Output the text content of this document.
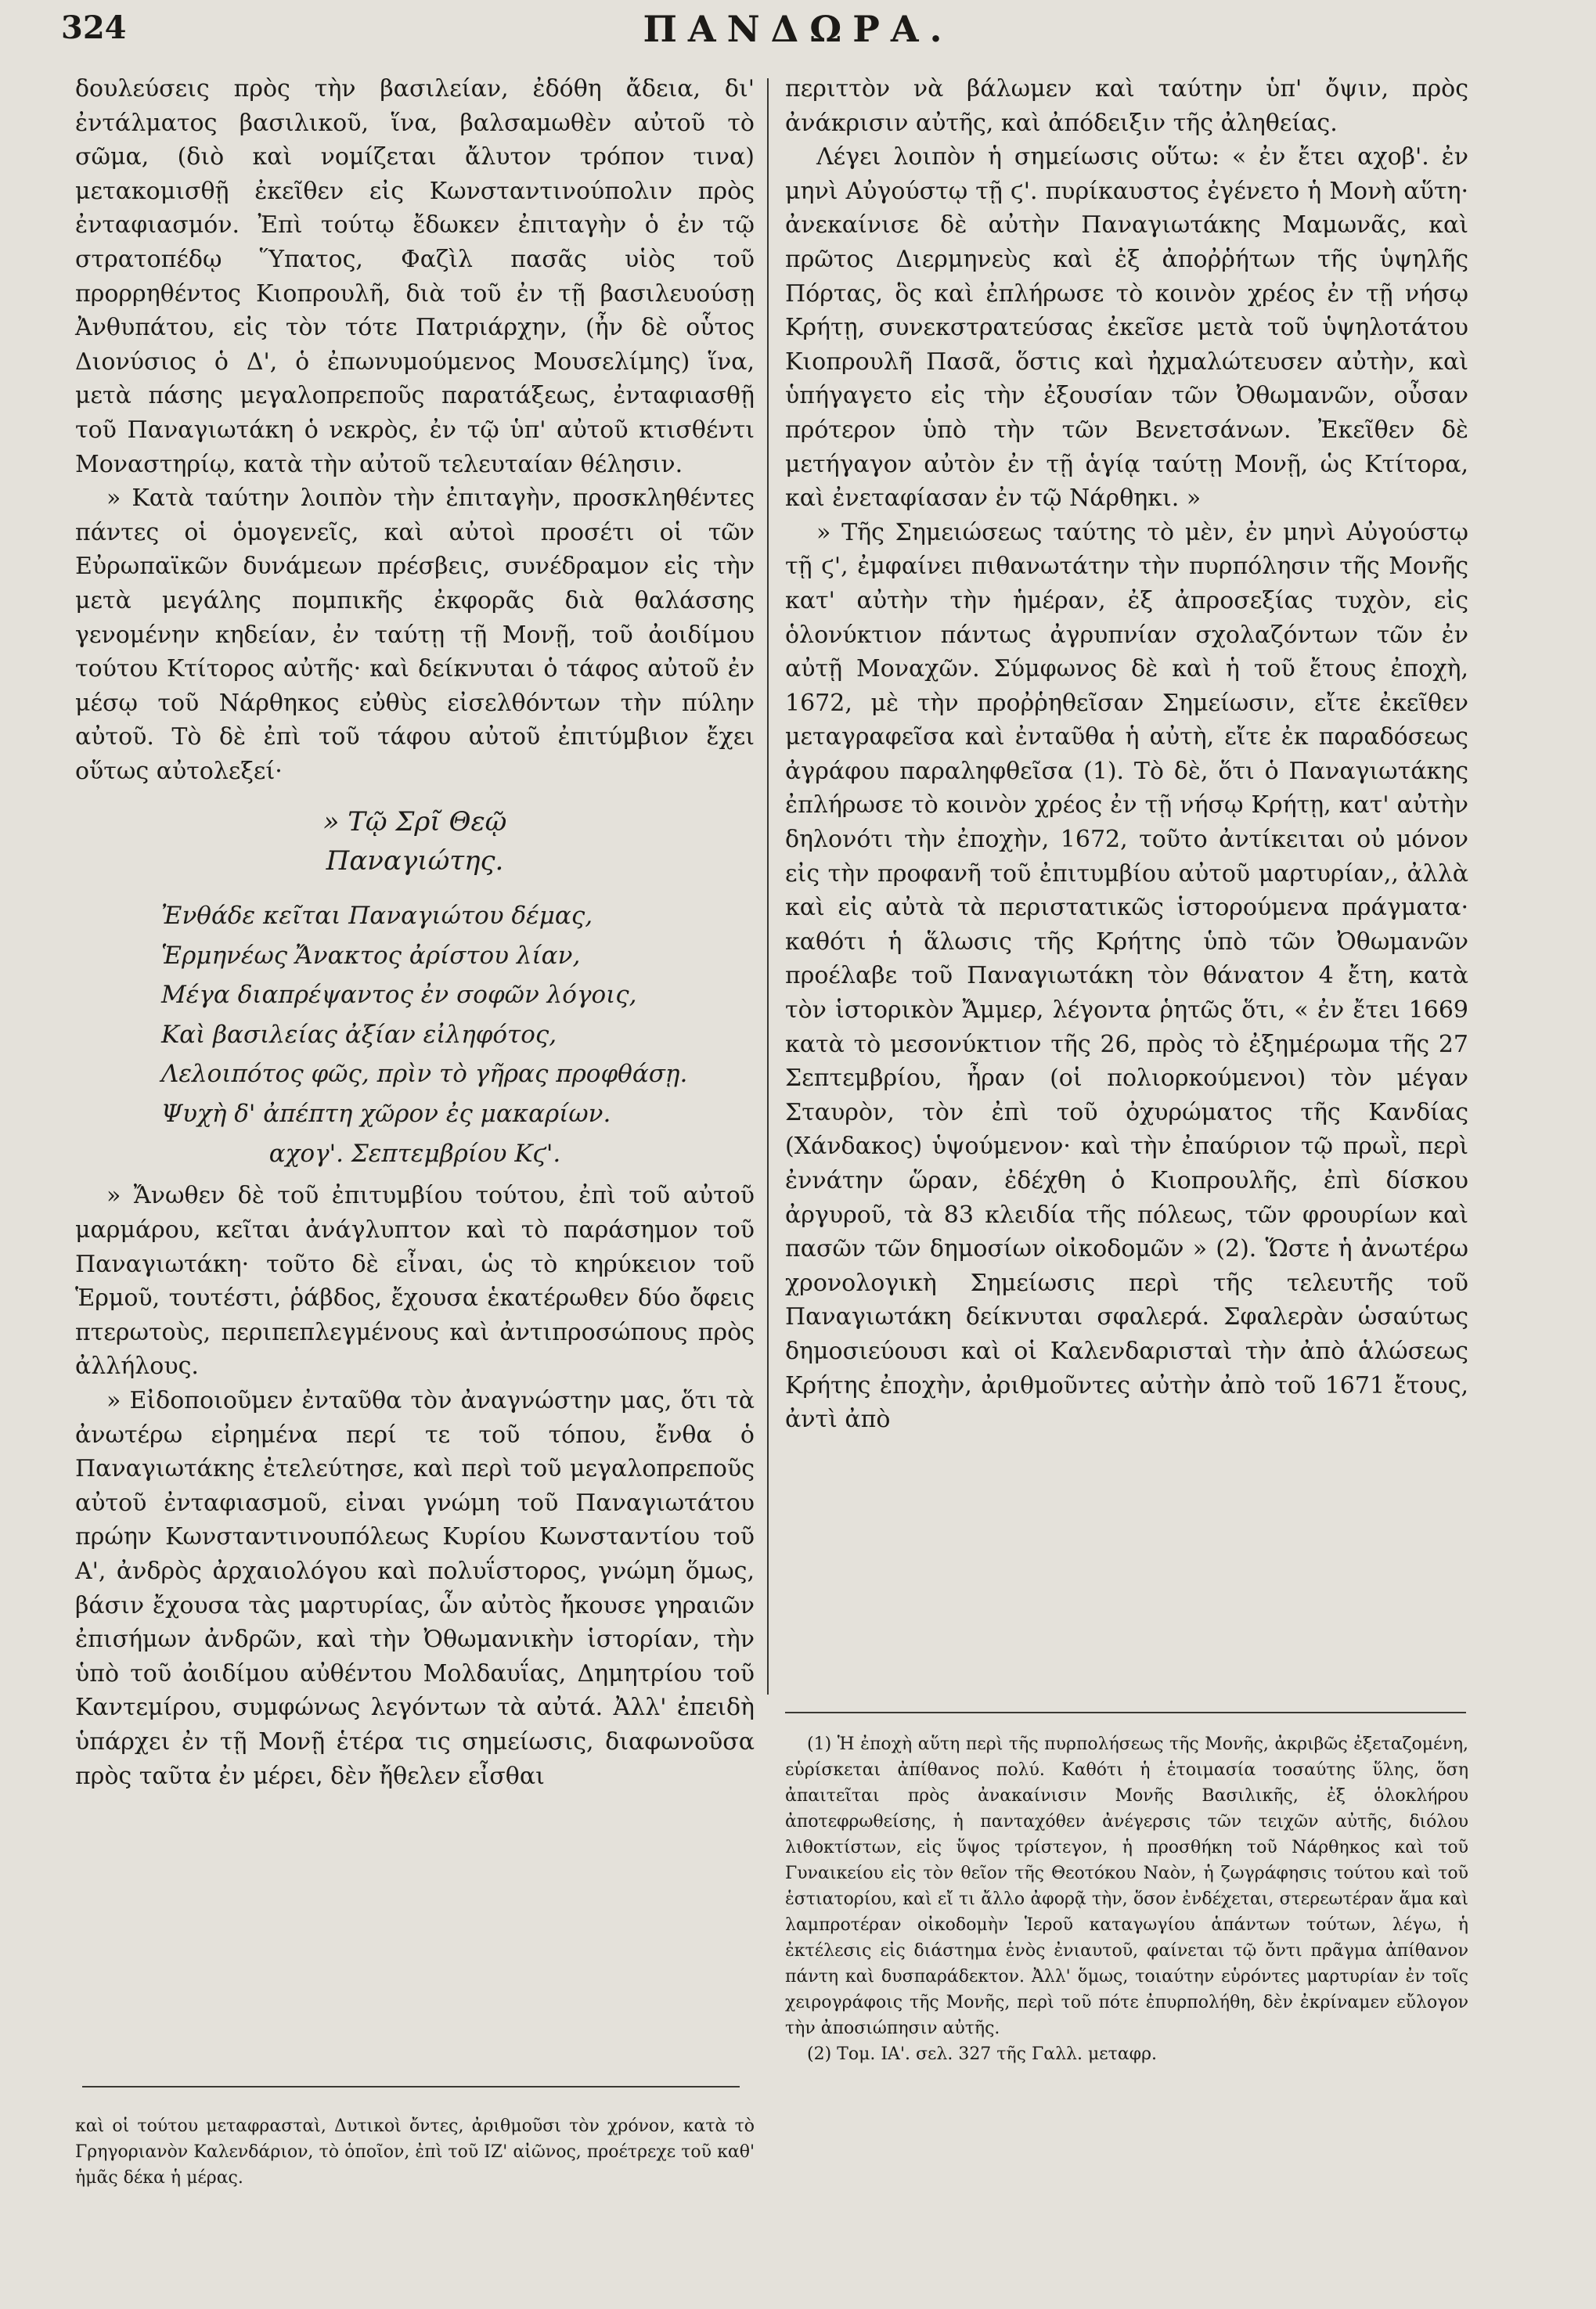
324	ΠΑΝΔΩΡΑ.

δουλεύσεις πρὸς τὴν βασιλείαν, ἐδόθη ἄδεια, δι' ἐντάλματος βασιλικοῦ, ἵνα, βαλσαμωθὲν αὐτοῦ τὸ σῶμα, (διὸ καὶ νομίζεται ἄλυτον τρόπον τινα) μετακομισθῇ ἐκεῖθεν εἰς Κωνσταντινούπολιν πρὸς ἐνταφιασμόν. Ἐπὶ τούτῳ ἔδωκεν ἐπιταγὴν ὁ ἐν τῷ στρατοπέδῳ Ὕπατος, Φαζὶλ πασᾶς υἱὸς τοῦ προρρηθέντος Κιοπρουλῆ, διὰ τοῦ ἐν τῇ βασιλευούσῃ Ἀνθυπάτου, εἰς τὸν τότε Πατριάρχην, (ἦν δὲ οὗτος Διονύσιος ὁ Δ', ὁ ἐπωνυμούμενος Μουσελίμης) ἵνα, μετὰ πάσης μεγαλοπρεποῦς παρατάξεως, ἐνταφιασθῇ τοῦ Παναγιωτάκη ὁ νεκρὸς, ἐν τῷ ὑπ' αὐτοῦ κτισθέντι Μοναστηρίῳ, κατὰ τὴν αὐτοῦ τελευταίαν θέλησιν.

» Κατὰ ταύτην λοιπὸν τὴν ἐπιταγὴν, προσκληθέντες πάντες οἱ ὁμογενεῖς, καὶ αὐτοὶ προσέτι οἱ τῶν Εὐρωπαϊκῶν δυνάμεων πρέσβεις, συνέδραμον εἰς τὴν μετὰ μεγάλης πομπικῆς ἐκφορᾶς διὰ θαλάσσης γενομένην κηδείαν, ἐν ταύτῃ τῇ Μονῇ, τοῦ ἀοιδίμου τούτου Κτίτορος αὐτῆς· καὶ δείκνυται ὁ τάφος αὐτοῦ ἐν μέσῳ τοῦ Νάρθηκος εὐθὺς εἰσελθόντων τὴν πύλην αὐτοῦ. Τὸ δὲ ἐπὶ τοῦ τάφου αὐτοῦ ἐπιτύμβιον ἔχει οὕτως αὐτολεξεί·

» Τῷ Σρῖ Θεῷ
Παναγιώτης.
Ἐνθάδε κεῖται Παναγιώτου δέμας,
Ἑρμηνέως Ἄνακτος ἀρίστου λίαν,
Μέγα διαπρέψαντος ἐν σοφῶν λόγοις,
Καὶ βασιλείας ἀξίαν εἰληφότος,
Λελοιπότος φῶς, πρὶν τὸ γῆρας προφθάσῃ.
Ψυχὴ δ' ἀπέπτη χῶρον ἐς μακαρίων.
αχογ'. Σεπτεμβρίου Κϛ'.

» Ἄνωθεν δὲ τοῦ ἐπιτυμβίου τούτου, ἐπὶ τοῦ αὐτοῦ μαρμάρου, κεῖται ἀνάγλυπτον καὶ τὸ παράσημον τοῦ Παναγιωτάκη· τοῦτο δὲ εἶναι, ὡς τὸ κηρύκειον τοῦ Ἑρμοῦ, τουτέστι, ῥάβδος, ἔχουσα ἑκατέρωθεν δύο ὄφεις πτερωτοὺς, περιπεπλεγμένους καὶ ἀντιπροσώπους πρὸς ἀλλήλους.

» Εἰδοποιοῦμεν ἐνταῦθα τὸν ἀναγνώστην μας, ὅτι τὰ ἀνωτέρω εἰρημένα περί τε τοῦ τόπου, ἔνθα ὁ Παναγιωτάκης ἐτελεύτησε, καὶ περὶ τοῦ μεγαλοπρεποῦς αὐτοῦ ἐνταφιασμοῦ, εἰναι γνώμη τοῦ Παναγιωτάτου πρώην Κωνσταντινουπόλεως Κυρίου Κωνσταντίου τοῦ Α', ἀνδρὸς ἀρχαιολόγου καὶ πολυΐστορος, γνώμη ὅμως, βάσιν ἔχουσα τὰς μαρτυρίας, ὧν αὐτὸς ἤκουσε γηραιῶν ἐπισήμων ἀνδρῶν, καὶ τὴν Ὀθωμανικὴν ἱστορίαν, τὴν ὑπὸ τοῦ ἀοιδίμου αὐθέντου Μολδαυΐας, Δημητρίου τοῦ Καντεμίρου, συμφώνως λεγόντων τὰ αὐτά. Ἀλλ' ἐπειδὴ ὑπάρχει ἐν τῇ Μονῇ ἑτέρα τις σημείωσις, διαφωνοῦσα πρὸς ταῦτα ἐν μέρει, δὲν ἤθελεν εἶσθαι

περιττὸν νὰ βάλωμεν καὶ ταύτην ὑπ' ὄψιν, πρὸς ἀνάκρισιν αὐτῆς, καὶ ἀπόδειξιν τῆς ἀληθείας.

Λέγει λοιπὸν ἡ σημείωσις οὕτω: « ἐν ἔτει αχοβ'. ἐν μηνὶ Αὐγούστῳ τῇ ϛ'. πυρίκαυστος ἐγένετο ἡ Μονὴ αὕτη· ἀνεκαίνισε δὲ αὐτὴν Παναγιωτάκης Μαμωνᾶς, καὶ πρῶτος Διερμηνεὺς καὶ ἐξ ἀποῤῥήτων τῆς ὑψηλῆς Πόρτας, ὃς καὶ ἐπλήρωσε τὸ κοινὸν χρέος ἐν τῇ νήσῳ Κρήτῃ, συνεκστρατεύσας ἐκεῖσε μετὰ τοῦ ὑψηλοτάτου Κιοπρουλῆ Πασᾶ, ὅστις καὶ ἠχμαλώτευσεν αὐτὴν, καὶ ὑπήγαγετο εἰς τὴν ἐξουσίαν τῶν Ὀθωμανῶν, οὖσαν πρότερον ὑπὸ τὴν τῶν Βενετσάνων. Ἐκεῖθεν δὲ μετήγαγον αὐτὸν ἐν τῇ ἁγίᾳ ταύτῃ Μονῇ, ὡς Κτίτορα, καὶ ἐνεταφίασαν ἐν τῷ Νάρθηκι. »

» Τῆς Σημειώσεως ταύτης τὸ μὲν, ἐν μηνὶ Αὐγούστῳ τῇ ϛ', ἐμφαίνει πιθανωτάτην τὴν πυρπόλησιν τῆς Μονῆς κατ' αὐτὴν τὴν ἡμέραν, ἐξ ἀπροσεξίας τυχὸν, εἰς ὁλονύκτιον πάντως ἀγρυπνίαν σχολαζόντων τῶν ἐν αὐτῇ Μοναχῶν. Σύμφωνος δὲ καὶ ἡ τοῦ ἔτους ἐποχὴ, 1672, μὲ τὴν προῤῥηθεῖσαν Σημείωσιν, εἴτε ἐκεῖθεν μεταγραφεῖσα καὶ ἐνταῦθα ἡ αὐτὴ, εἴτε ἐκ παραδόσεως ἀγράφου παραληφθεῖσα (1). Τὸ δὲ, ὅτι ὁ Παναγιωτάκης ἐπλήρωσε τὸ κοινὸν χρέος ἐν τῇ νήσῳ Κρήτῃ, κατ' αὐτὴν δηλονότι τὴν ἐποχὴν, 1672, τοῦτο ἀντίκειται οὐ μόνον εἰς τὴν προφανῆ τοῦ ἐπιτυμβίου αὐτοῦ μαρτυρίαν,, ἀλλὰ καὶ εἰς αὐτὰ τὰ περιστατικῶς ἱστορούμενα πράγματα· καθότι ἡ ἅλωσις τῆς Κρήτης ὑπὸ τῶν Ὀθωμανῶν προέλαβε τοῦ Παναγιωτάκη τὸν θάνατον 4 ἔτη, κατὰ τὸν ἱστορικὸν Ἄμμερ, λέγοντα ῥητῶς ὅτι, « ἐν ἔτει 1669 κατὰ τὸ μεσονύκτιον τῆς 26, πρὸς τὸ ἐξημέρωμα τῆς 27 Σεπτεμβρίου, ἦραν (οἱ πολιορκούμενοι) τὸν μέγαν Σταυρὸν, τὸν ἐπὶ τοῦ ὀχυρώματος τῆς Κανδίας (Χάνδακος) ὑψούμενον· καὶ τὴν ἐπαύριον τῷ πρωῒ, περὶ ἐννάτην ὥραν, ἐδέχθη ὁ Κιοπρουλῆς, ἐπὶ δίσκου ἀργυροῦ, τὰ 83 κλειδία τῆς πόλεως, τῶν φρουρίων καὶ πασῶν τῶν δημοσίων οἰκοδομῶν » (2). Ὥστε ἡ ἀνωτέρω χρονολογικὴ Σημείωσις περὶ τῆς τελευτῆς τοῦ Παναγιωτάκη δείκνυται σφαλερά. Σφαλερὰν ὡσαύτως δημοσιεύουσι καὶ οἱ Καλενδαρισταὶ τὴν ἀπὸ ἁλώσεως Κρήτης ἐποχὴν, ἀριθμοῦντες αὐτὴν ἀπὸ τοῦ 1671 ἔτους, ἀντὶ ἀπὸ

(1) Ἡ ἐποχὴ αὕτη περὶ τῆς πυρπολήσεως τῆς Μονῆς, ἀκριβῶς ἐξεταζομένη, εὑρίσκεται ἀπίθανος πολύ. Καθότι ἡ ἑτοιμασία τοσαύτης ὕλης, ὅση ἀπαιτεῖται πρὸς ἀνακαίνισιν Μονῆς Βασιλικῆς, ἐξ ὁλοκλήρου ἀποτεφρωθείσης, ἡ πανταχόθεν ἀνέγερσις τῶν τειχῶν αὐτῆς, διόλου λιθοκτίστων, εἰς ὕψος τρίστεγον, ἡ προσθήκη τοῦ Νάρθηκος καὶ τοῦ Γυναικείου εἰς τὸν θεῖον τῆς Θεοτόκου Ναὸν, ἡ ζωγράφησις τούτου καὶ τοῦ ἑστιατορίου, καὶ εἴ τι ἄλλο ἀφορᾷ τὴν, ὅσον ἐνδέχεται, στερεωτέραν ἅμα καὶ λαμπροτέραν οἰκοδομὴν Ἱεροῦ καταγωγίου ἁπάντων τούτων, λέγω, ἡ ἐκτέλεσις εἰς διάστημα ἑνὸς ἐνιαυτοῦ, φαίνεται τῷ ὄντι πρᾶγμα ἀπίθανον πάντη καὶ δυσπαράδεκτον. Ἀλλ' ὅμως, τοιαύτην εὑρόντες μαρτυρίαν ἐν τοῖς χειρογράφοις τῆς Μονῆς, περὶ τοῦ πότε ἐπυρπολήθη, δὲν ἐκρίναμεν εὔλογον τὴν ἀποσιώπησιν αὐτῆς.

(2) Τομ. ΙΑ'. σελ. 327 τῆς Γαλλ. μεταφρ.

καὶ οἱ τούτου μεταφρασταὶ, Δυτικοὶ ὄντες, ἀριθμοῦσι τὸν χρόνον, κατὰ τὸ Γρηγοριανὸν Καλενδάριον, τὸ ὁποῖον, ἐπὶ τοῦ ΙΖ' αἰῶνος, προέτρεχε τοῦ καθ' ἡμᾶς δέκα ἡ μέρας.
